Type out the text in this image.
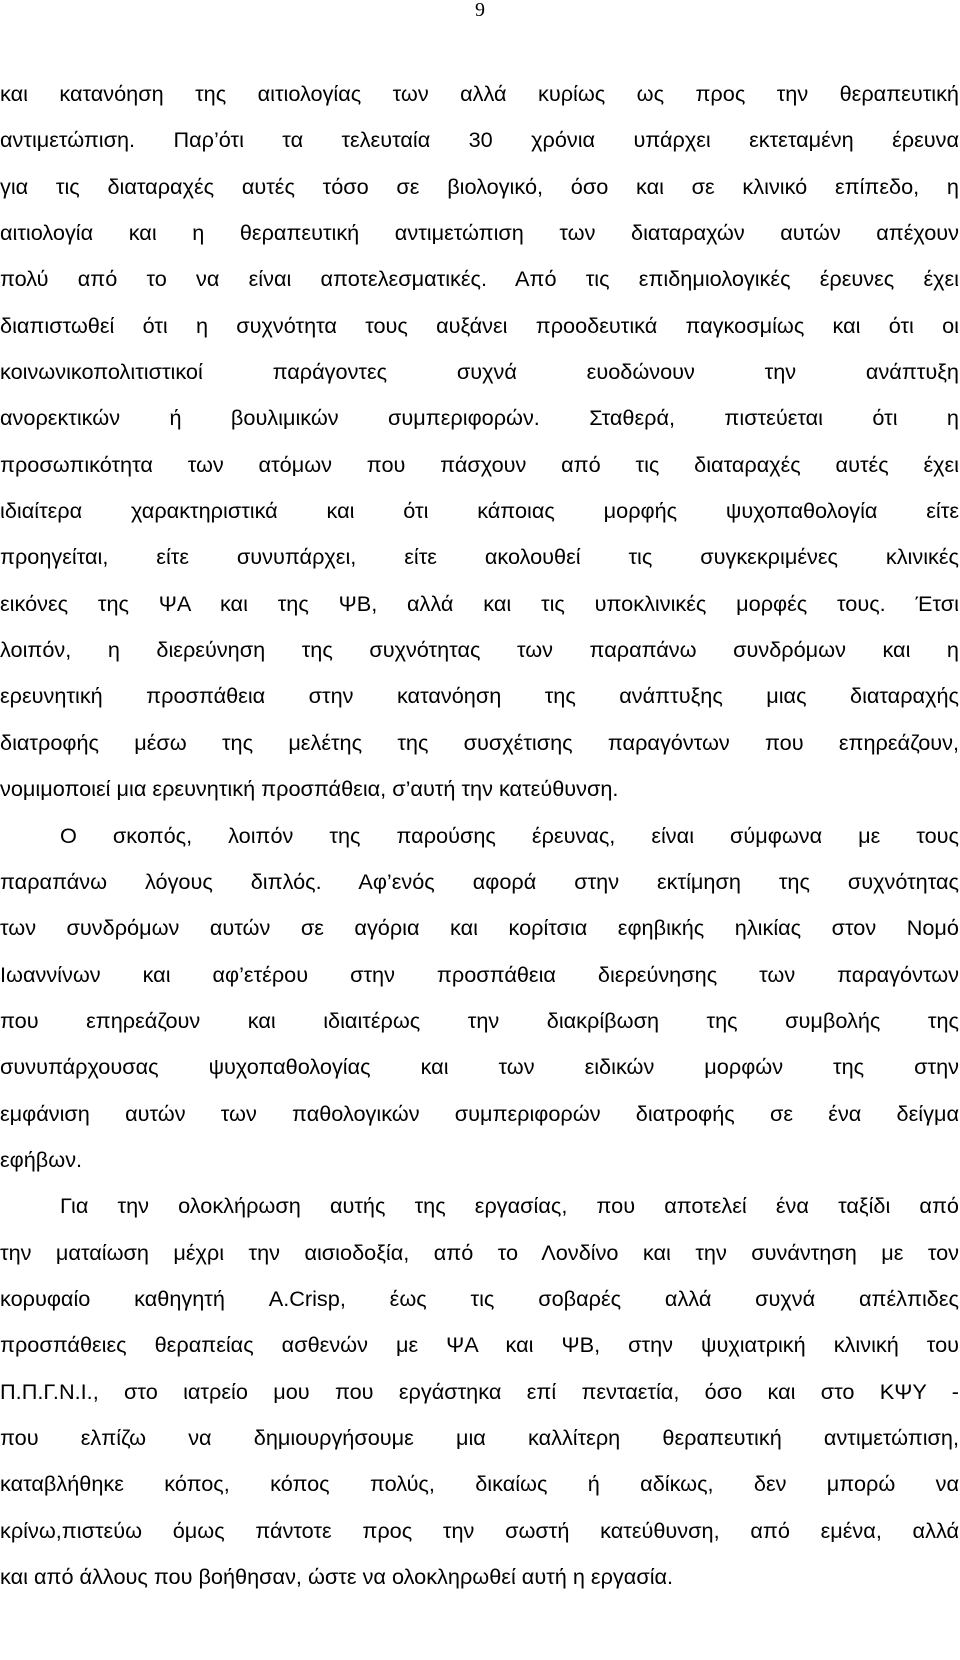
9
και κατανόηση της αιτιολογίας των αλλά κυρίως ως προς την θεραπευτική
αντιμετώπιση. Παρ’ότι τα τελευταία 30 χρόνια υπάρχει εκτεταμένη έρευνα
για τις διαταραχές αυτές τόσο σε βιολογικό, όσο και σε κλινικό επίπεδο, η
αιτιολογία και η θεραπευτική αντιμετώπιση των διαταραχών αυτών απέχουν
πολύ από το να είναι αποτελεσματικές. Από τις επιδημιολογικές έρευνες έχει
διαπιστωθεί ότι η συχνότητα τους αυξάνει προοδευτικά παγκοσμίως και ότι οι
κοινωνικοπολιτιστικοί παράγοντες συχνά ευοδώνουν την ανάπτυξη
ανορεκτικών ή βουλιμικών συμπεριφορών. Σταθερά, πιστεύεται ότι η
προσωπικότητα των ατόμων που πάσχουν από τις διαταραχές αυτές έχει
ιδιαίτερα χαρακτηριστικά και ότι κάποιας μορφής ψυχοπαθολογία είτε
προηγείται, είτε συνυπάρχει, είτε ακολουθεί τις συγκεκριμένες κλινικές
εικόνες της ΨΑ και της ΨΒ, αλλά και τις υποκλινικές μορφές τους. Έτσι
λοιπόν, η διερεύνηση της συχνότητας των παραπάνω συνδρόμων και η
ερευνητική προσπάθεια στην κατανόηση της ανάπτυξης μιας διαταραχής
διατροφής μέσω της μελέτης της συσχέτισης παραγόντων που επηρεάζουν,
νομιμοποιεί μια ερευνητική προσπάθεια, σ’αυτή την κατεύθυνση.
Ο σκοπός, λοιπόν της παρούσης έρευνας, είναι σύμφωνα με τους
παραπάνω λόγους διπλός. Αφ’ενός αφορά στην εκτίμηση της συχνότητας
των συνδρόμων αυτών σε αγόρια και κορίτσια εφηβικής ηλικίας στον Νομό
Ιωαννίνων και αφ’ετέρου στην προσπάθεια διερεύνησης των παραγόντων
που επηρεάζουν και ιδιαιτέρως την διακρίβωση της συμβολής της
συνυπάρχουσας ψυχοπαθολογίας και των ειδικών μορφών της στην
εμφάνιση αυτών των παθολογικών συμπεριφορών διατροφής σε ένα δείγμα
εφήβων.
Για την ολοκλήρωση αυτής της εργασίας, που αποτελεί ένα ταξίδι από
την ματαίωση μέχρι την αισιοδοξία, από το Λονδίνο και την συνάντηση με τον
κορυφαίο καθηγητή A.Crisp, έως τις σοβαρές αλλά συχνά απέλπιδες
προσπάθειες θεραπείας ασθενών με ΨΑ και ΨΒ, στην ψυχιατρική κλινική του
Π.Π.Γ.Ν.Ι., στο ιατρείο μου που εργάστηκα επί πενταετία, όσο και στο ΚΨΥ -
που ελπίζω να δημιουργήσουμε μια καλλίτερη θεραπευτική αντιμετώπιση,
καταβλήθηκε κόπος, κόπος πολύς, δικαίως ή αδίκως, δεν μπορώ να
κρίνω,πιστεύω όμως πάντοτε προς την σωστή κατεύθυνση, από εμένα, αλλά
και από άλλους που βοήθησαν, ώστε να ολοκληρωθεί αυτή η εργασία.
